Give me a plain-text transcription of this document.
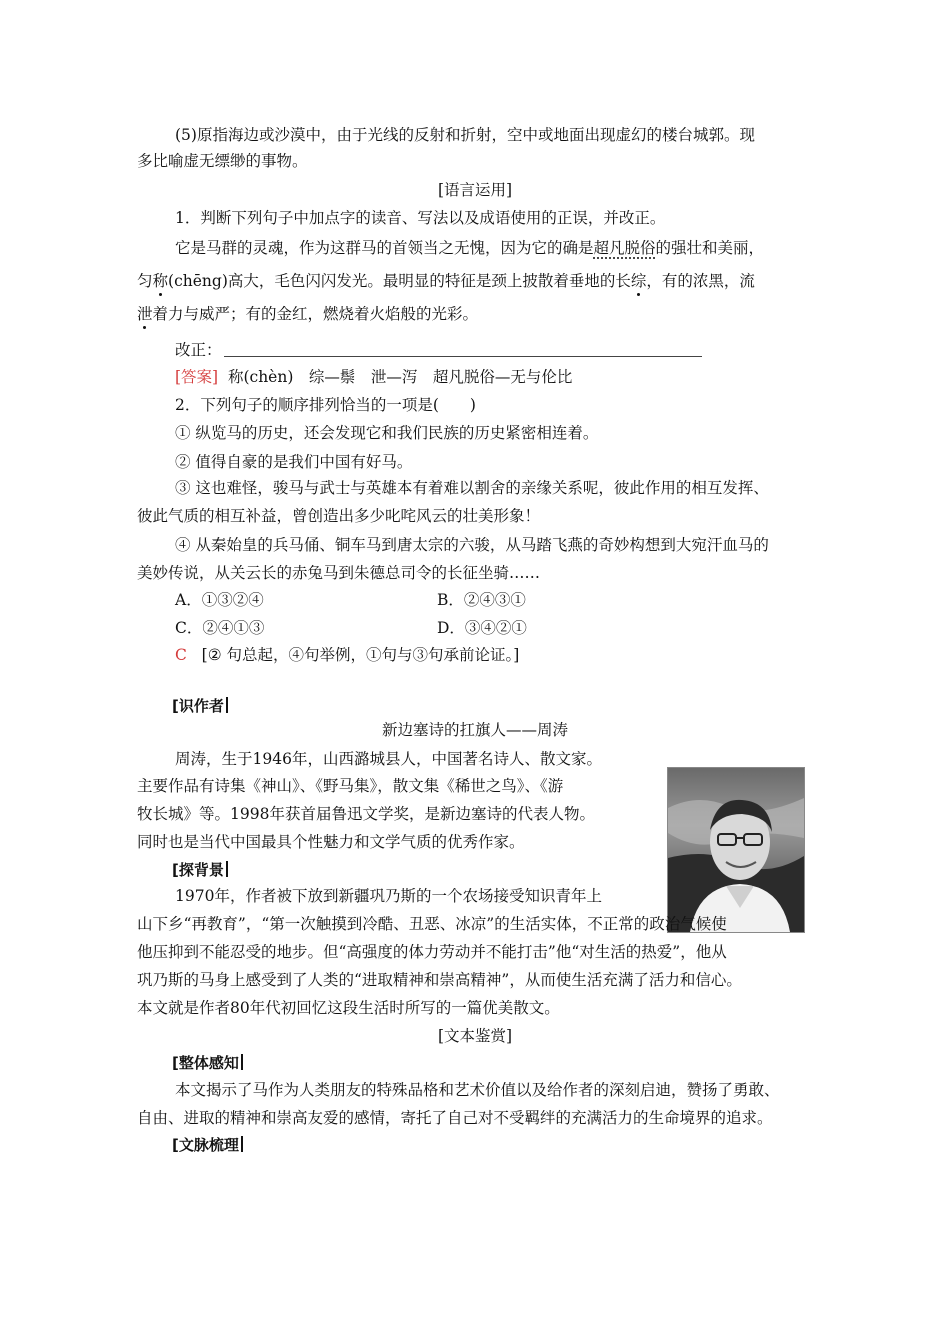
(5)原指海边或沙漠中，由于光线的反射和折射，空中或地面出现虚幻的楼台城郭。现
多比喻虚无缥缈的事物。
[语言运用]
1．判断下列句子中加点字的读音、写法以及成语使用的正误，并改正。
它是马群的灵魂，作为这群马的首领当之无愧，因为它的确是超凡脱俗的强壮和美丽，
匀称(chēng)高大，毛色闪闪发光。最明显的特征是颈上披散着垂地的长综，有的浓黑，流
泄着力与威严；有的金红，燃烧着火焰般的光彩。
改正：
[答案] 称(chèn)　综—鬃　泄—泻　超凡脱俗—无与伦比
2．下列句子的顺序排列恰当的一项是(　　)
① 纵览马的历史，还会发现它和我们民族的历史紧密相连着。
② 值得自豪的是我们中国有好马。
③ 这也难怪，骏马与武士与英雄本有着难以割舍的亲缘关系呢，彼此作用的相互发挥、
彼此气质的相互补益，曾创造出多少叱咤风云的壮美形象！
④ 从秦始皇的兵马俑、铜车马到唐太宗的六骏，从马踏飞燕的奇妙构想到大宛汗血马的
美妙传说，从关云长的赤兔马到朱德总司令的长征坐骑……
A．①③②④	B．②④③①
C．②④①③	D．③④②①
C [② 句总起，④句举例，①句与③句承前论证。]
[识作者
新边塞诗的扛旗人——周涛
周涛，生于1946年，山西潞城县人，中国著名诗人、散文家。
主要作品有诗集《神山》、《野马集》，散文集《稀世之鸟》、《游
牧长城》等。1998年获首届鲁迅文学奖，是新边塞诗的代表人物。
同时也是当代中国最具个性魅力和文学气质的优秀作家。
[探背景
1970年，作者被下放到新疆巩乃斯的一个农场接受知识青年上
山下乡“再教育”，“第一次触摸到冷酷、丑恶、冰凉”的生活实体，不正常的政治气候使
他压抑到不能忍受的地步。但“高强度的体力劳动并不能打击”他“对生活的热爱”，他从
巩乃斯的马身上感受到了人类的“进取精神和崇高精神”，从而使生活充满了活力和信心。
本文就是作者80年代初回忆这段生活时所写的一篇优美散文。
[文本鉴赏]
[整体感知
本文揭示了马作为人类朋友的特殊品格和艺术价值以及给作者的深刻启迪，赞扬了勇敢、
自由、进取的精神和崇高友爱的感情，寄托了自己对不受羁绊的充满活力的生命境界的追求。
[文脉梳理
